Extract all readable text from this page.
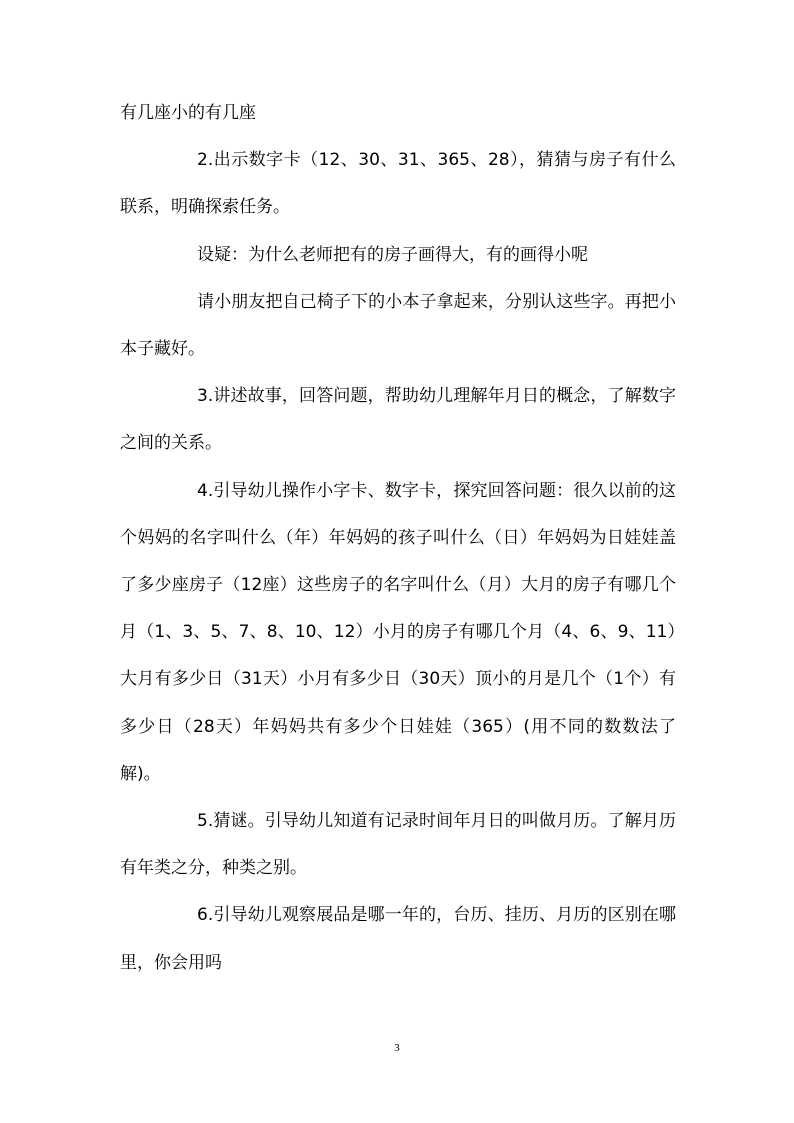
有几座小的有几座

2.出示数字卡（12、30、31、365、28），猜猜与房子有什么联系，明确探索任务。

设疑：为什么老师把有的房子画得大，有的画得小呢

请小朋友把自己椅子下的小本子拿起来，分别认这些字。再把小本子藏好。

3.讲述故事，回答问题，帮助幼儿理解年月日的概念，了解数字之间的关系。

4.引导幼儿操作小字卡、数字卡，探究回答问题：很久以前的这个妈妈的名字叫什么（年）年妈妈的孩子叫什么（日）年妈妈为日娃娃盖了多少座房子（12座）这些房子的名字叫什么（月）大月的房子有哪几个月（1、3、5、7、8、10、12）小月的房子有哪几个月（4、6、9、11）大月有多少日（31天）小月有多少日（30天）顶小的月是几个（1个）有多少日（28天）年妈妈共有多少个日娃娃（365）(用不同的数数法了解)。

5.猜谜。引导幼儿知道有记录时间年月日的叫做月历。了解月历有年类之分，种类之别。

6.引导幼儿观察展品是哪一年的，台历、挂历、月历的区别在哪里，你会用吗

3
